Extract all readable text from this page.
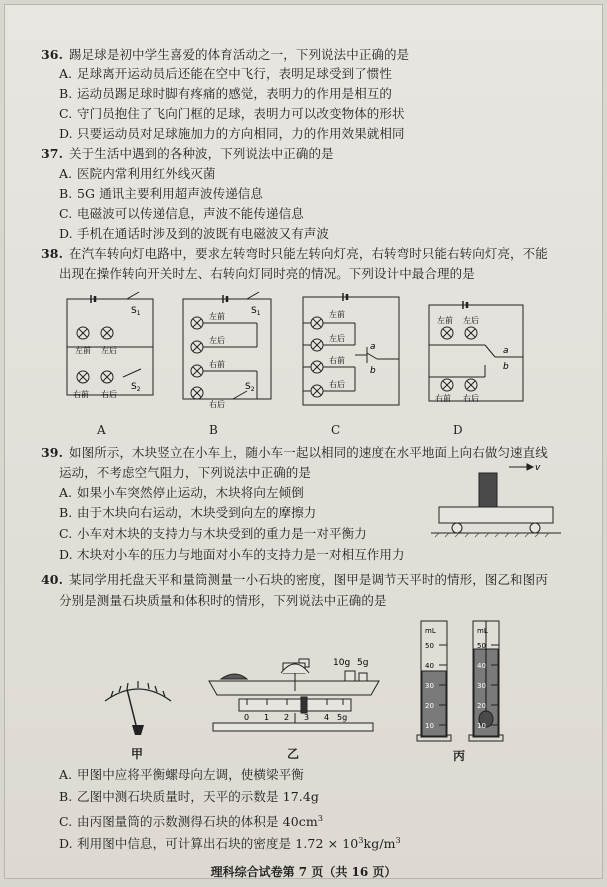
36. 踢足球是初中学生喜爱的体育活动之一，下列说法中正确的是
A. 足球离开运动员后还能在空中飞行，表明足球受到了惯性
B. 运动员踢足球时脚有疼痛的感觉，表明力的作用是相互的
C. 守门员抱住了飞向门框的足球，表明力可以改变物体的形状
D. 只要运动员对足球施加力的方向相同，力的作用效果就相同
37. 关于生活中遇到的各种波，下列说法中正确的是
A. 医院内常利用红外线灭菌
B. 5G 通讯主要利用超声波传递信息
C. 电磁波可以传递信息，声波不能传递信息
D. 手机在通话时涉及到的波既有电磁波又有声波
38. 在汽车转向灯电路中，要求左转弯时只能左转向灯亮，右转弯时只能右转向灯亮，不能
出现在操作转向开关时左、右转向灯同时亮的情况。下列设计中最合理的是
$S_1$
左前 左后
右前 右后
$S_2$
$S_1$
左前
左后
右前
右后
$S_2$
左前
左后
右前
右后
a
b
左前 左后
右前 右后
a
b
A	B	C	D
39. 如图所示，木块竖立在小车上，随小车一起以相同的速度在水平地面上向右做匀速直线
运动，不考虑空气阻力，下列说法中正确的是
A. 如果小车突然停止运动，木块将向左倾倒
B. 由于木块向右运动，木块受到向左的摩擦力
C. 小车对木块的支持力与木块受到的重力是一对平衡力
D. 木块对小车的压力与地面对小车的支持力是一对相互作用力
v
40. 某同学用托盘天平和量筒测量一小石块的密度，图甲是调节天平时的情形，图乙和图丙
分别是测量石块质量和体积时的情形，下列说法中正确的是
甲
10g 5g
0 1 2 3 4 5g
乙
mL
50
40
30
20
10
mL
50
40
30
20
10
丙
A. 甲图中应将平衡螺母向左调，使横梁平衡
B. 乙图中测石块质量时，天平的示数是 17.4g
C. 由丙图量筒的示数测得石块的体积是 $40cm^3$
D. 利用图中信息，可计算出石块的密度是 $1.72 \times 10^3kg/m^3$
理科综合试卷第 7 页（共 16 页）
